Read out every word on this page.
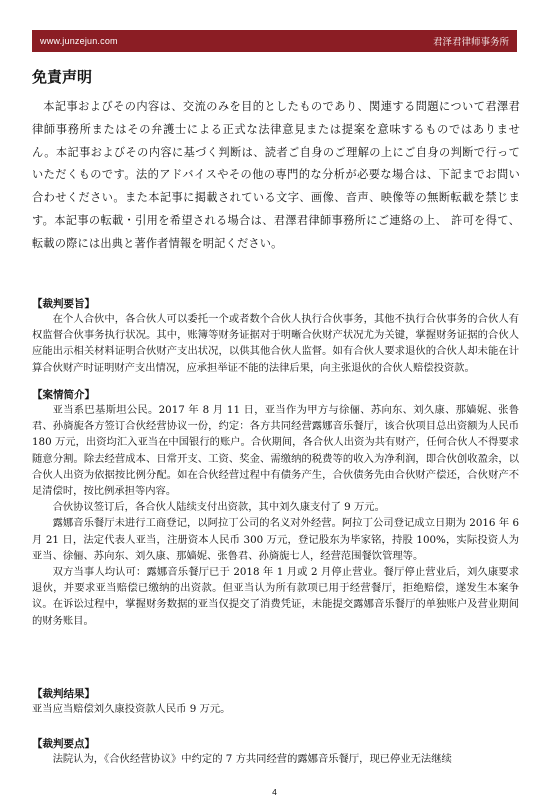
www.junzejun.com	君泽君律师事务所
免責声明

本記事およびその内容は、交流のみを目的としたものであり、関連する問題について君澤君律師事務所またはその弁護士による正式な法律意見または提案を意味するものではありません。本記事およびその内容に基づく判断は、読者ご自身のご理解の上にご自身の判断で行っていただくものです。法的アドバイスやその他の専門的な分析が必要な場合は、下記までお問い合わせください。また本記事に掲載されている文字、画像、音声、映像等の無断転載を禁じます。本記事の転載・引用を希望される場合は、君澤君律師事務所にご連絡の上、 許可を得て、転載の際には出典と著作者情報を明記ください。

【裁判要旨】

在个人合伙中，各合伙人可以委托一个或者数个合伙人执行合伙事务，其他不执行合伙事务的合伙人有权监督合伙事务执行状况。其中，账簿等财务证据对于明晰合伙财产状况尤为关键，掌握财务证据的合伙人应能出示相关材料证明合伙财产支出状况，以供其他合伙人监督。如有合伙人要求退伙的合伙人却未能在计算合伙财产时证明财产支出情况，应承担举证不能的法律后果，向主张退伙的合伙人赔偿投资款。

【案情简介】

亚当系巴基斯坦公民。2017 年 8 月 11 日，亚当作为甲方与徐俪、苏向东、刘久康、那嫱妮、张鲁君、孙旖旎各方签订合伙经营协议一份，约定：各方共同经营露娜音乐餐厅，该合伙项目总出资额为人民币 180 万元，出资均汇入亚当在中国银行的账户。合伙期间，各合伙人出资为共有财产，任何合伙人不得要求随意分割。除去经营成本、日常开支、工资、奖金、需缴纳的税费等的收入为净利润，即合伙创收盈余，以合伙人出资为依据按比例分配。如在合伙经营过程中有债务产生，合伙债务先由合伙财产偿还，合伙财产不足清偿时，按比例承担等内容。

合伙协议签订后，各合伙人陆续支付出资款，其中刘久康支付了 9 万元。

露娜音乐餐厅未进行工商登记，以阿拉丁公司的名义对外经营。阿拉丁公司登记成立日期为 2016 年 6 月 21 日，法定代表人亚当，注册资本人民币 300 万元，登记股东为毕家铭，持股 100%，实际投资人为亚当、徐俪、苏向东、刘久康、那嫱妮、张鲁君、孙旖旎七人，经营范围餐饮管理等。

双方当事人均认可：露娜音乐餐厅已于 2018 年 1 月或 2 月停止营业。餐厅停止营业后，刘久康要求退伙，并要求亚当赔偿已缴纳的出资款。但亚当认为所有款项已用于经营餐厅，拒绝赔偿，遂发生本案争议。在诉讼过程中，掌握财务数据的亚当仅提交了消费凭证，未能提交露娜音乐餐厅的单独账户及营业期间的财务账目。

【裁判结果】

亚当应当赔偿刘久康投资款人民币 9 万元。

【裁判要点】

法院认为，《合伙经营协议》中约定的 7 方共同经营的露娜音乐餐厅，现已停业无法继续

4
